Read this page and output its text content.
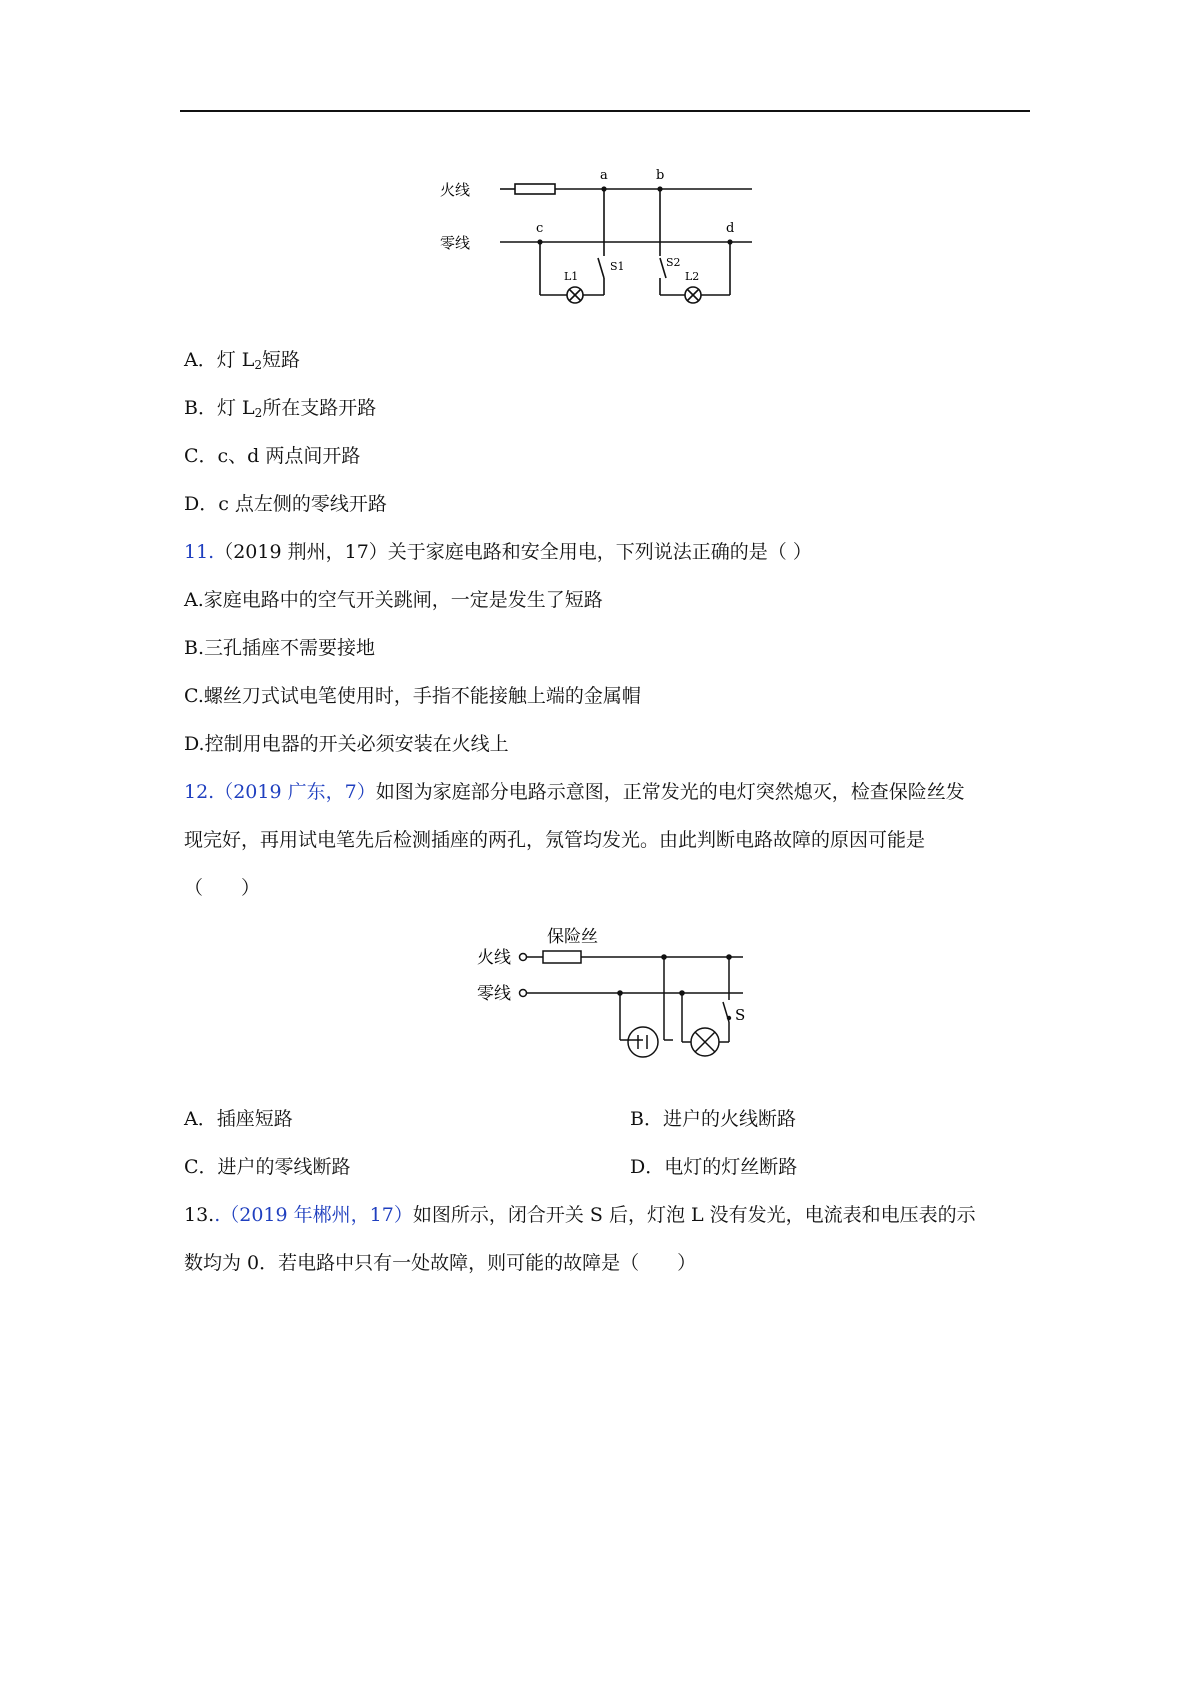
火线
零线
a	b
c	d
L1
S1	S2
L2
A．灯 $L_2$短路
B．灯 $L_2$所在支路开路
C．c、d 两点间开路
D．c 点左侧的零线开路
11.（2019 荆州，17）关于家庭电路和安全用电，下列说法正确的是（ ）
A.家庭电路中的空气开关跳闸，一定是发生了短路
B.三孔插座不需要接地
C.螺丝刀式试电笔使用时，手指不能接触上端的金属帽
D.控制用电器的开关必须安装在火线上
12.（2019 广东，7）如图为家庭部分电路示意图，正常发光的电灯突然熄灭，检查保险丝发
现完好，再用试电笔先后检测插座的两孔，氖管均发光。由此判断电路故障的原因可能是
（　　）
保险丝
火线
零线
S
A．插座短路	B．进户的火线断路
C．进户的零线断路	D．电灯的灯丝断路
13..（2019 年郴州，17）如图所示，闭合开关 S 后，灯泡 L 没有发光，电流表和电压表的示
数均为 0．若电路中只有一处故障，则可能的故障是（　　）
